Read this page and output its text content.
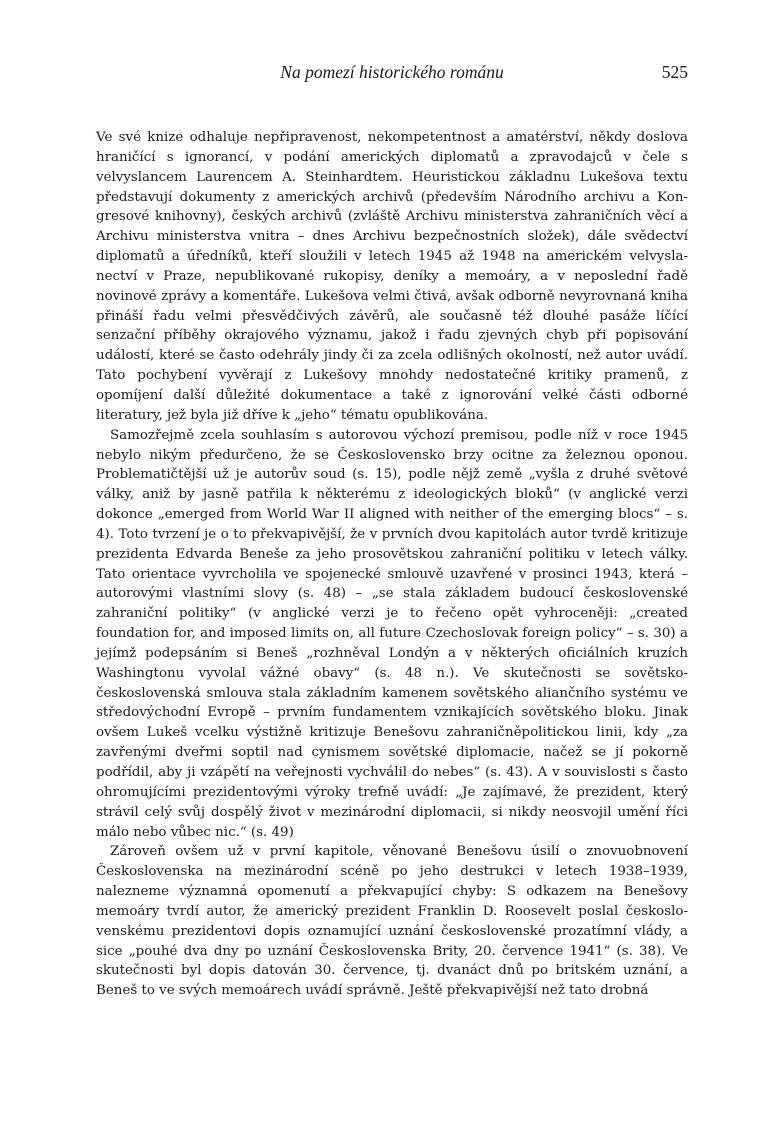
Na pomezí historického románu	525

Ve své knize odhaluje nepřipravenost, nekompetentnost a amatérství, někdy doslova hraničící s ignorancí, v podání amerických diplomatů a zpravodajců v čele s velvyslancem Laurencem A. Steinhardtem. Heuristickou základnu Lukešova textu představují dokumenty z amerických archivů (především Národního archivu a Kongresové knihovny), českých archivů (zvláště Archivu ministerstva zahraničních věcí a Archivu ministerstva vnitra – dnes Archivu bezpečnostních složek), dále svědectví diplomatů a úředníků, kteří sloužili v letech 1945 až 1948 na americkém velvyslanectví v Praze, nepublikované rukopisy, deníky a memoáry, a v neposlední řadě novinové zprávy a komentáře. Lukešova velmi čtivá, avšak odborně nevyrovnaná kniha přináší řadu velmi přesvědčivých závěrů, ale současně též dlouhé pasáže líčící senzační příběhy okrajového významu, jakož i řadu zjevných chyb při popisování událostí, které se často odehrály jindy či za zcela odlišných okolností, než autor uvádí. Tato pochybení vyvěrají z Lukešovy mnohdy nedostatečné kritiky pramenů, z opomíjení další důležité dokumentace a také z ignorování velké části odborné literatury, jež byla již dříve k „jeho“ tématu opublikována.

Samozřejmě zcela souhlasím s autorovou výchozí premisou, podle níž v roce 1945 nebylo nikým předurčeno, že se Československo brzy ocitne za železnou oponou. Problematičtější už je autorův soud (s. 15), podle nějž země „vyšla z druhé světové války, aniž by jasně patřila k některému z ideologických bloků“ (v anglické verzi dokonce „emerged from World War II aligned with neither of the emerging blocs“ – s. 4). Toto tvrzení je o to překvapivější, že v prvních dvou kapitolách autor tvrdě kritizuje prezidenta Edvarda Beneše za jeho prosovětskou zahraniční politiku v letech války. Tato orientace vyvrcholila ve spojenecké smlouvě uzavřené v prosinci 1943, která – autorovými vlastními slovy (s. 48) – „se stala základem budoucí československé zahraniční politiky“ (v anglické verzi je to řečeno opět vyhroceněji: „created foundation for, and imposed limits on, all future Czechoslovak foreign policy“ – s. 30) a jejímž podepsáním si Beneš „rozhněval Londýn a v některých oficiálních kruzích Washingtonu vyvolal vážné obavy“ (s. 48 n.). Ve skutečnosti se sovětsko-československá smlouva stala základním kamenem sovětského aliančního systému ve středovýchodní Evropě – prvním fundamentem vznikajících sovětského bloku. Jinak ovšem Lukeš vcelku výstižně kritizuje Benešovu zahraničněpolitickou linii, kdy „za zavřenými dveřmi soptil nad cynismem sovětské diplomacie, načež se jí pokorně podřídil, aby ji vzápětí na veřejnosti vychválil do nebes“ (s. 43). A v souvislosti s často ohromujícími prezidentovými výroky trefně uvádí: „Je zajímavé, že prezident, který strávil celý svůj dospělý život v mezinárodní diplomacii, si nikdy neosvojil umění říci málo nebo vůbec nic.“ (s. 49)

Zároveň ovšem už v první kapitole, věnované Benešovu úsilí o znovuobnovení Československa na mezinárodní scéně po jeho destrukci v letech 1938–1939, nalezneme významná opomenutí a překvapující chyby: S odkazem na Benešovy memoáry tvrdí autor, že americký prezident Franklin D. Roosevelt poslal československému prezidentovi dopis oznamující uznání československé prozatímní vlády, a sice „pouhé dva dny po uznání Československa Brity, 20. července 1941“ (s. 38). Ve skutečnosti byl dopis datován 30. července, tj. dvanáct dnů po britském uznání, a Beneš to ve svých memoárech uvádí správně. Ještě překvapivější než tato drobná
